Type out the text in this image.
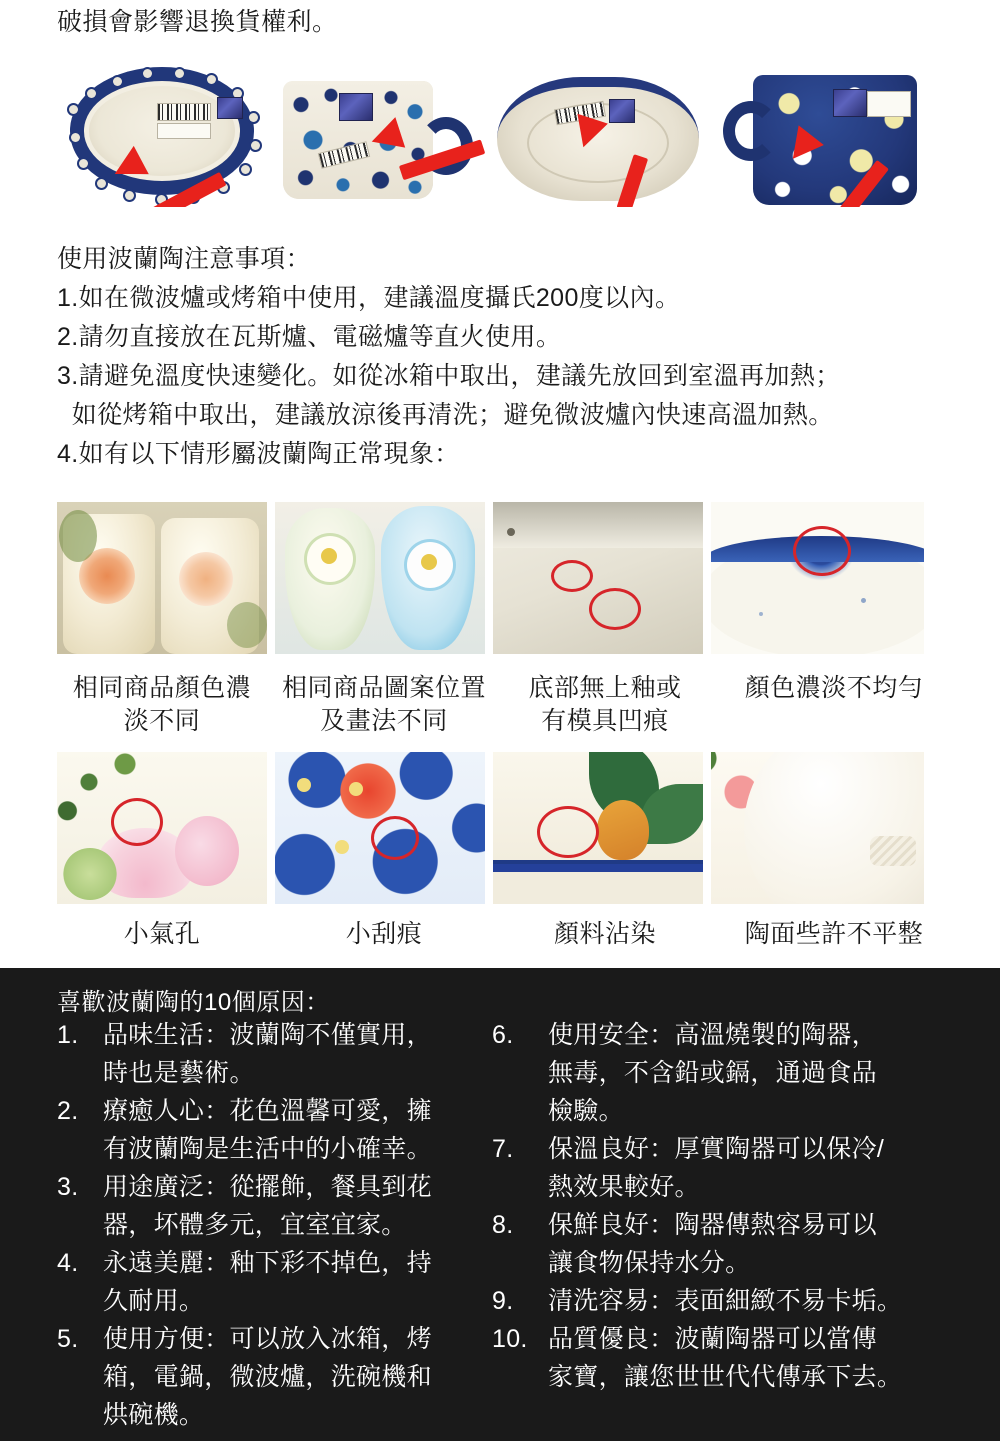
破損會影響退換貨權利。
使用波蘭陶注意事項：
1.如在微波爐或烤箱中使用，建議溫度攝氏200度以內。
2.請勿直接放在瓦斯爐、電磁爐等直火使用。
3.請避免溫度快速變化。如從冰箱中取出，建議先放回到室溫再加熱；
如從烤箱中取出，建議放涼後再清洗；避免微波爐內快速高溫加熱。
4.如有以下情形屬波蘭陶正常現象：
相同商品顏色濃
淡不同
相同商品圖案位置
及畫法不同
底部無上釉或
有模具凹痕
顏色濃淡不均勻
小氣孔	小刮痕	顏料沾染	陶面些許不平整
喜歡波蘭陶的10個原因：
1. 品味生活：波蘭陶不僅實用，
時也是藝術。
2. 療癒人心：花色溫馨可愛，擁
有波蘭陶是生活中的小確幸。
3. 用途廣泛：從擺飾，餐具到花
器，坏體多元，宜室宜家。
4. 永遠美麗：釉下彩不掉色，持
久耐用。
5. 使用方便：可以放入冰箱，烤
箱，電鍋，微波爐，洗碗機和
烘碗機。
6.	使用安全：高溫燒製的陶器，
無毒，不含鉛或鎘，通過食品
檢驗。
7.	保溫良好：厚實陶器可以保冷/
熱效果較好。
8.	保鮮良好：陶器傳熱容易可以
讓食物保持水分。
9.	清洗容易：表面細緻不易卡垢。
10. 品質優良：波蘭陶器可以當傳
家寶，讓您世世代代傳承下去。
